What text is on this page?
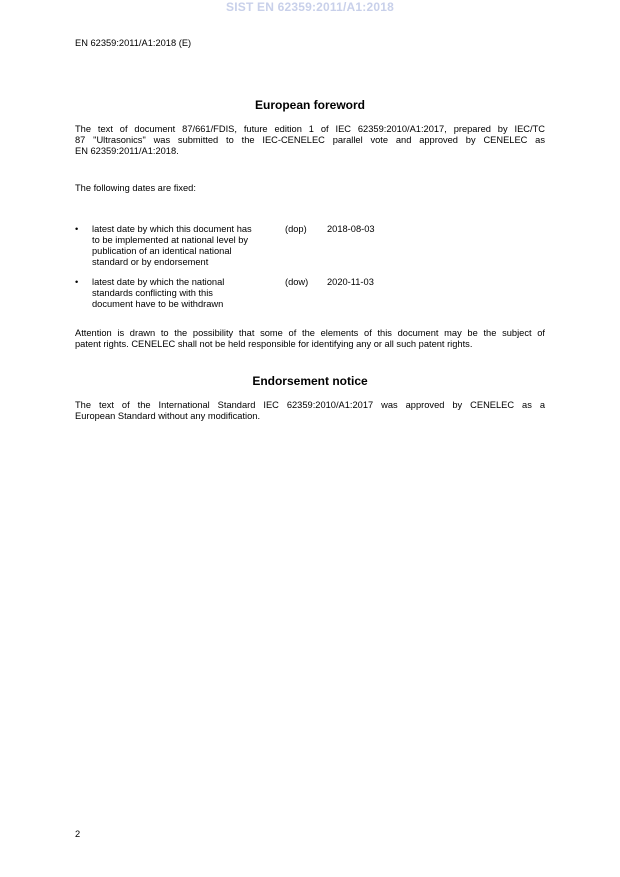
SIST EN 62359:2011/A1:2018
EN 62359:2011/A1:2018 (E)
European foreword
The text of document 87/661/FDIS, future edition 1 of IEC 62359:2010/A1:2017, prepared by IEC/TC
87 "Ultrasonics" was submitted to the IEC-CENELEC parallel vote and approved by CENELEC as
EN 62359:2011/A1:2018.
The following dates are fixed:
• latest date by which this document has
to be implemented at national level by
publication of an identical national
standard or by endorsement
(dop) 2018-08-03
• latest date by which the national
standards conflicting with this
document have to be withdrawn
(dow) 2020-11-03
Attention is drawn to the possibility that some of the elements of this document may be the subject of
patent rights. CENELEC shall not be held responsible for identifying any or all such patent rights.
Endorsement notice
The text of the International Standard IEC 62359:2010/A1:2017 was approved by CENELEC as a
European Standard without any modification.
2
